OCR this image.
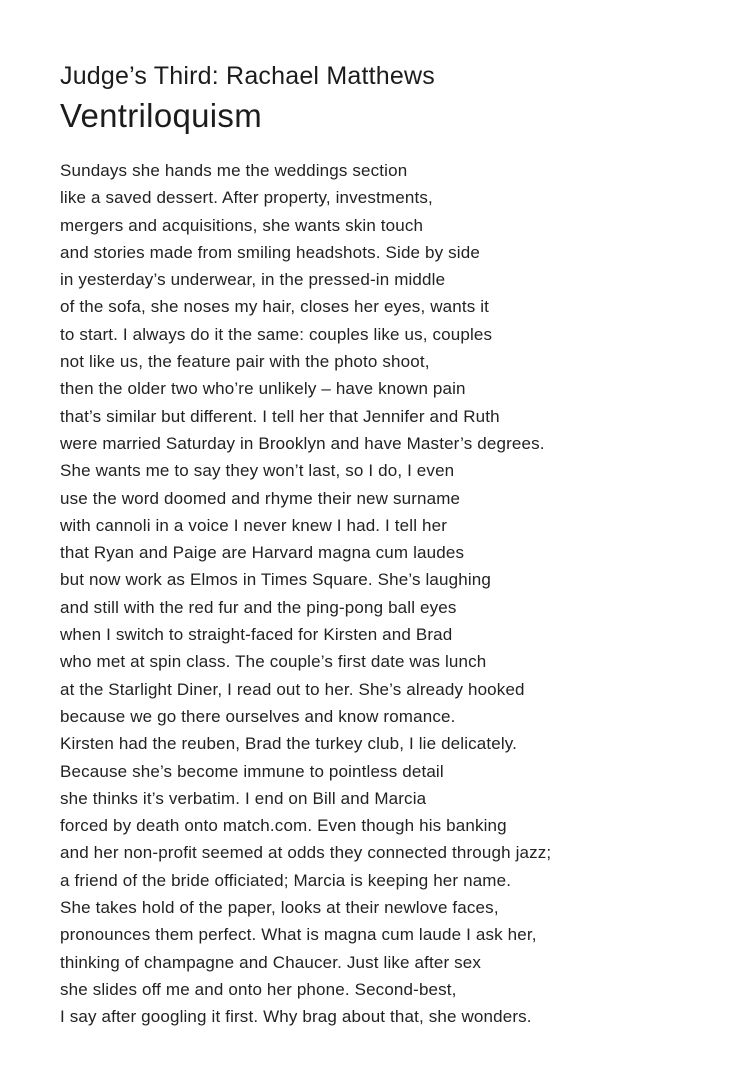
Judge’s Third: Rachael Matthews
Ventriloquism
Sundays she hands me the weddings section
like a saved dessert. After property, investments,
mergers and acquisitions, she wants skin touch
and stories made from smiling headshots. Side by side
in yesterday’s underwear, in the pressed-in middle
of the sofa, she noses my hair, closes her eyes, wants it
to start. I always do it the same: couples like us, couples
not like us, the feature pair with the photo shoot,
then the older two who’re unlikely – have known pain
that’s similar but different. I tell her that Jennifer and Ruth
were married Saturday in Brooklyn and have Master’s degrees.
She wants me to say they won’t last, so I do, I even
use the word doomed and rhyme their new surname
with cannoli in a voice I never knew I had. I tell her
that Ryan and Paige are Harvard magna cum laudes
but now work as Elmos in Times Square. She’s laughing
and still with the red fur and the ping-pong ball eyes
when I switch to straight-faced for Kirsten and Brad
who met at spin class. The couple’s first date was lunch
at the Starlight Diner, I read out to her. She’s already hooked
because we go there ourselves and know romance.
Kirsten had the reuben, Brad the turkey club, I lie delicately.
Because she’s become immune to pointless detail
she thinks it’s verbatim. I end on Bill and Marcia
forced by death onto match.com. Even though his banking
and her non-profit seemed at odds they connected through jazz;
a friend of the bride officiated; Marcia is keeping her name.
She takes hold of the paper, looks at their newlove faces,
pronounces them perfect. What is magna cum laude I ask her,
thinking of champagne and Chaucer. Just like after sex
she slides off me and onto her phone. Second-best,
I say after googling it first. Why brag about that, she wonders.
